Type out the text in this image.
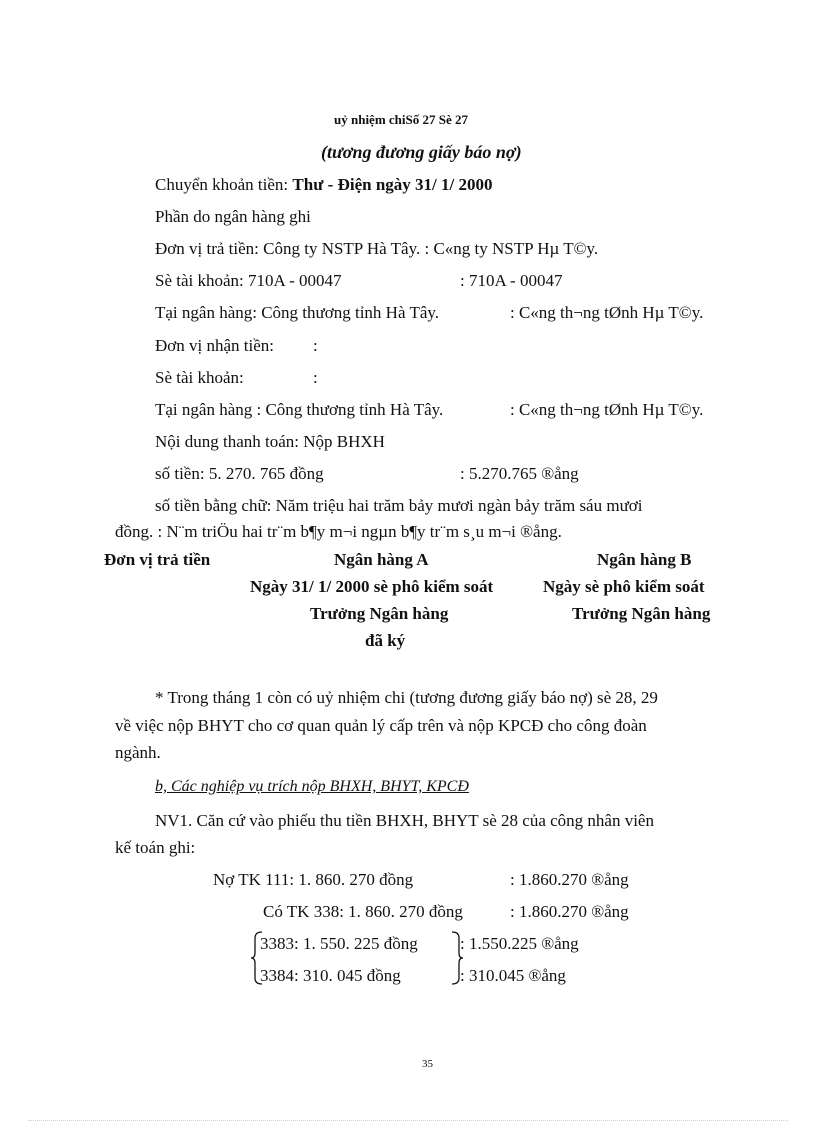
uỷ nhiệm chiSố 27 Sè 27
(tương đương giấy báo nợ)
Chuyển khoản tiền: Thư - Điện ngày 31/ 1/ 2000
Phần do ngân hàng ghi
Đơn vị trả tiền: Công ty NSTP Hà Tây. : C«ng ty NSTP Hµ T©y.
Sè tài khoản: 710A - 00047	: 710A - 00047
Tại ngân hàng: Công thương tỉnh Hà Tây.	: C«ng th¬ng tØnh Hµ T©y.
Đơn vị nhận tiền: :
Sè tài khoản:	:
Tại ngân hàng : Công thương tỉnh Hà Tây.	: C«ng th¬ng tØnh Hµ T©y.
Nội dung thanh toán: Nộp BHXH
số tiền: 5. 270. 765 đồng	: 5.270.765 ®ång
số tiền bằng chữ: Năm triệu hai trăm bảy mươi ngàn bảy trăm sáu mươi
đồng. : N¨m triÖu hai tr¨m b¶y m¬i ngµn b¶y tr¨m s¸u m¬i ®ång.
Đơn vị trả tiền	Ngân hàng A	Ngân hàng B
Ngày 31/ 1/ 2000 sè phô kiểm soát	Ngày sè phô kiểm soát
Trưởng Ngân hàng	Trưởng Ngân hàng
đã ký
* Trong tháng 1 còn có uỷ nhiệm chi (tương đương giấy báo nợ) sè 28, 29
về việc nộp BHYT cho cơ quan quản lý cấp trên và nộp KPCĐ cho công đoàn
ngành.
b, Các nghiệp vụ trích nộp BHXH, BHYT, KPCĐ
NV1. Căn cứ vào phiếu thu tiền BHXH, BHYT sè 28 của công nhân viên
kế toán ghi:
Nợ TK 111: 1. 860. 270 đồng	: 1.860.270 ®ång
Có TK 338: 1. 860. 270 đồng	: 1.860.270 ®ång
3383: 1. 550. 225 đồng : 1.550.225 ®ång
3384: 310. 045 đồng	: 310.045 ®ång
35
